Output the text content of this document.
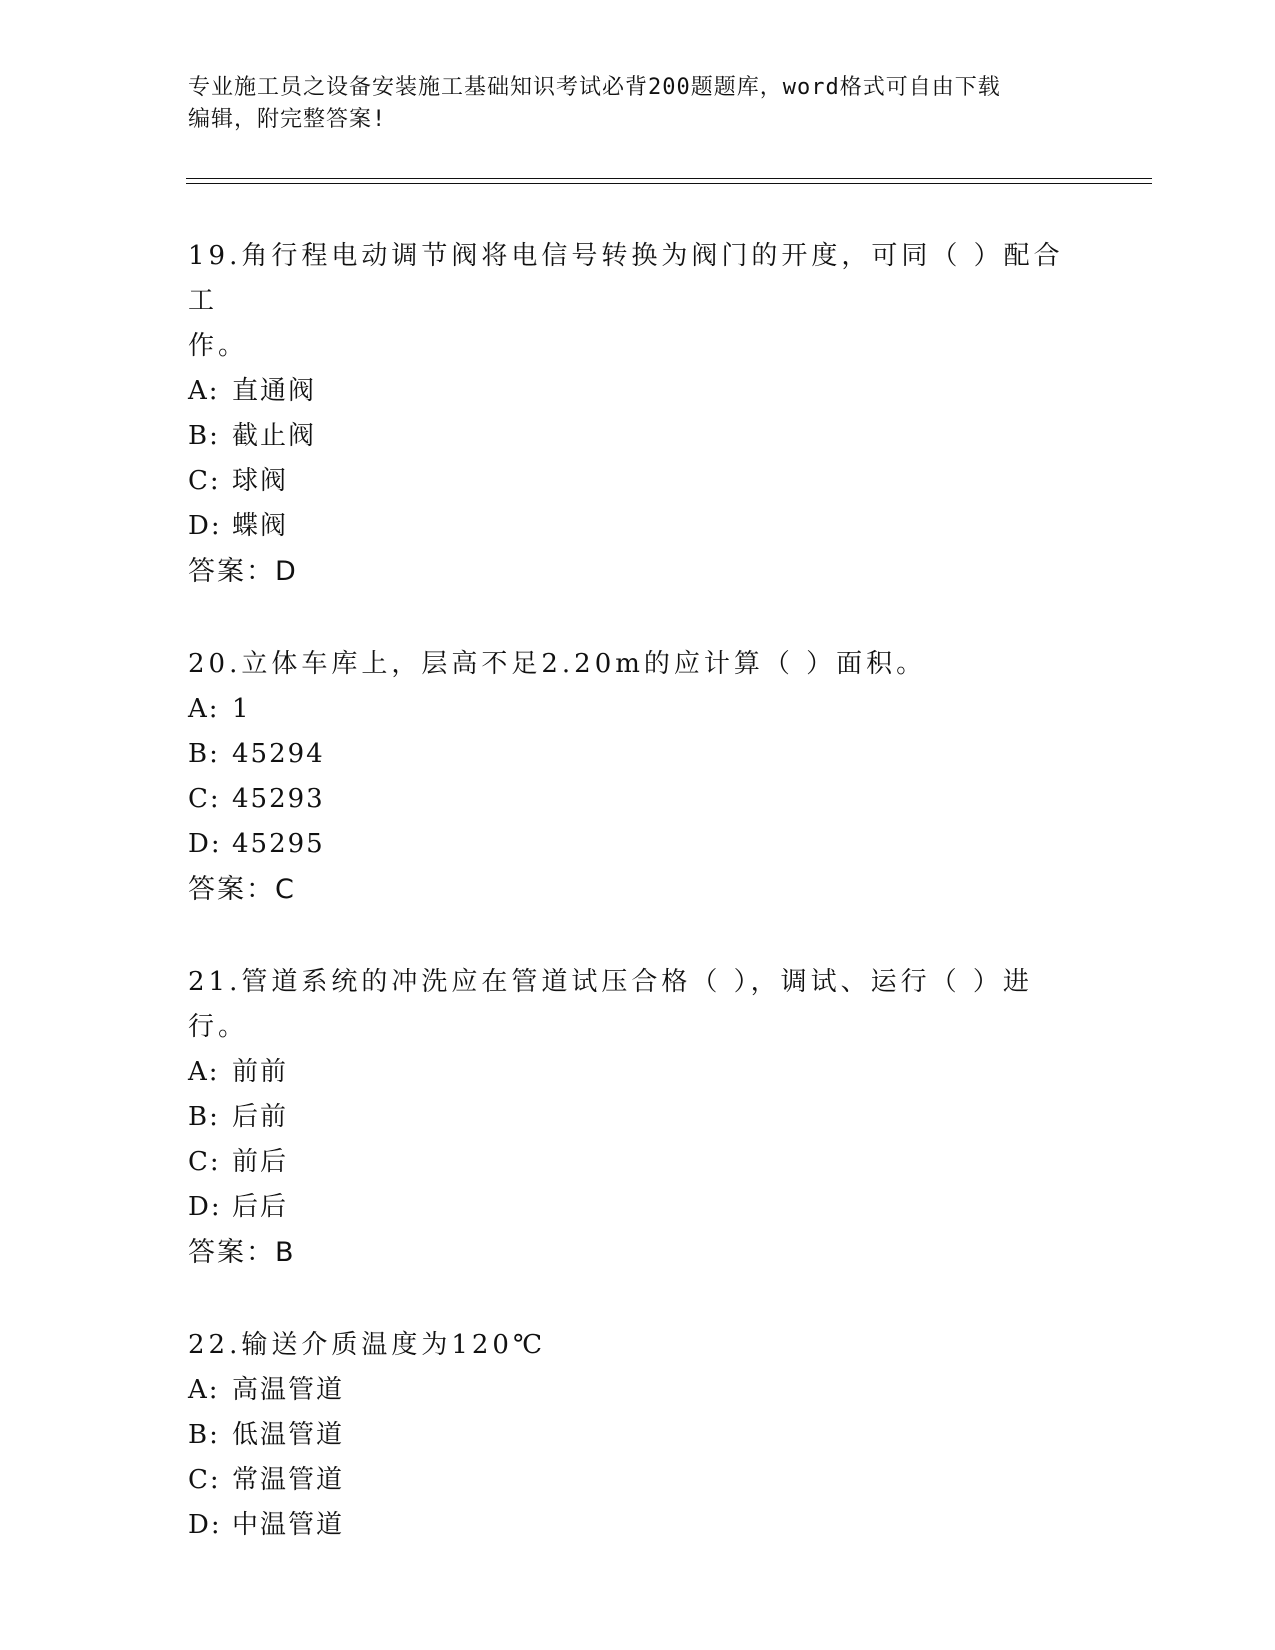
专业施工员之设备安装施工基础知识考试必背200题题库，word格式可自由下载
编辑，附完整答案!

19.角行程电动调节阀将电信号转换为阀门的开度，可同（ ）配合工

作。

A: 直通阀

B: 截止阀

C: 球阀

D: 蝶阀

答案：D

20.立体车库上，层高不足2.20m的应计算（ ）面积。

A: 1

B: 45294

C: 45293

D: 45295

答案：C

21.管道系统的冲洗应在管道试压合格（ ），调试、运行（ ）进行。

A: 前前

B: 后前

C: 前后

D: 后后

答案：B

22.输送介质温度为120℃

A: 高温管道

B: 低温管道

C: 常温管道

D: 中温管道
